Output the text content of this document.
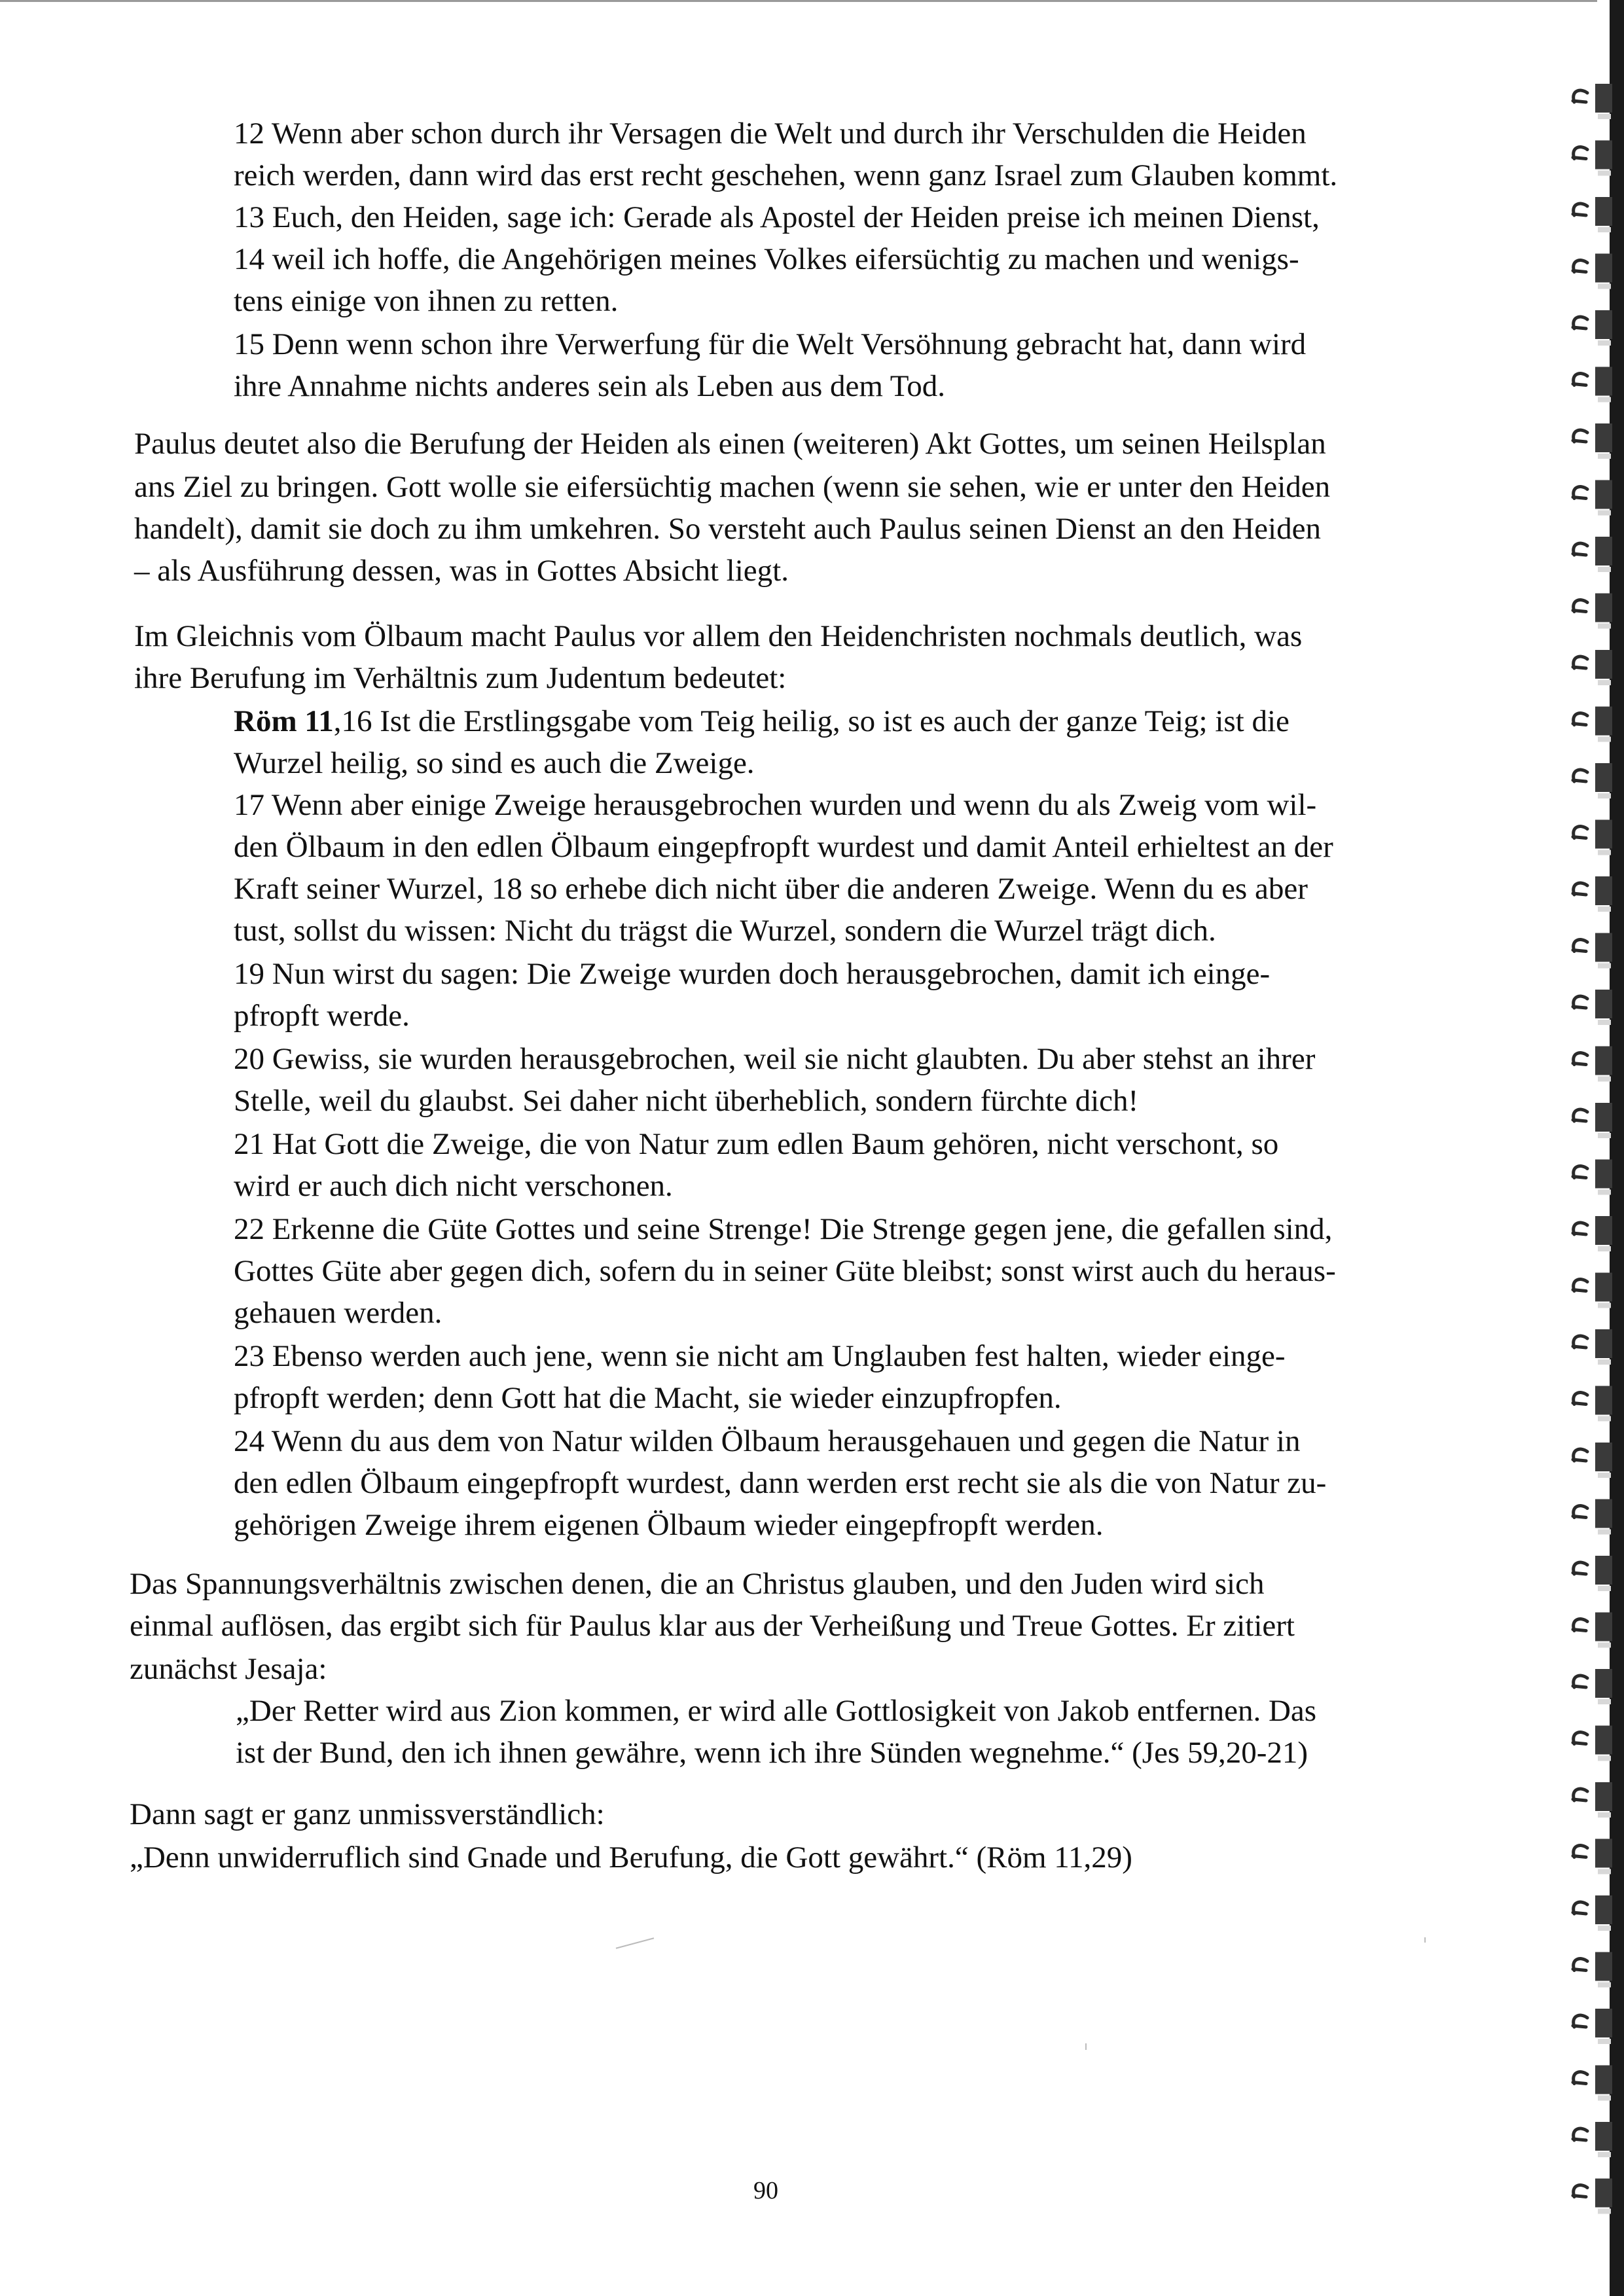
12 Wenn aber schon durch ihr Versagen die Welt und durch ihr Verschulden die Heiden

reich werden, dann wird das erst recht geschehen, wenn ganz Israel zum Glauben kommt.

13 Euch, den Heiden, sage ich: Gerade als Apostel der Heiden preise ich meinen Dienst,

14 weil ich hoffe, die Angehörigen meines Volkes eifersüchtig zu machen und wenigs-

tens einige von ihnen zu retten.

15 Denn wenn schon ihre Verwerfung für die Welt Versöhnung gebracht hat, dann wird

ihre Annahme nichts anderes sein als Leben aus dem Tod.

Paulus deutet also die Berufung der Heiden als einen (weiteren) Akt Gottes, um seinen Heilsplan

ans Ziel zu bringen. Gott wolle sie eifersüchtig machen (wenn sie sehen, wie er unter den Heiden

handelt), damit sie doch zu ihm umkehren. So versteht auch Paulus seinen Dienst an den Heiden

– als Ausführung dessen, was in Gottes Absicht liegt.

Im Gleichnis vom Ölbaum macht Paulus vor allem den Heidenchristen nochmals deutlich, was

ihre Berufung im Verhältnis zum Judentum bedeutet:

Röm 11,16 Ist die Erstlingsgabe vom Teig heilig, so ist es auch der ganze Teig; ist die

Wurzel heilig, so sind es auch die Zweige.

17 Wenn aber einige Zweige herausgebrochen wurden und wenn du als Zweig vom wil-

den Ölbaum in den edlen Ölbaum eingepfropft wurdest und damit Anteil erhieltest an der

Kraft seiner Wurzel, 18 so erhebe dich nicht über die anderen Zweige. Wenn du es aber

tust, sollst du wissen: Nicht du trägst die Wurzel, sondern die Wurzel trägt dich.

19 Nun wirst du sagen: Die Zweige wurden doch herausgebrochen, damit ich einge-

pfropft werde.

20 Gewiss, sie wurden herausgebrochen, weil sie nicht glaubten. Du aber stehst an ihrer

Stelle, weil du glaubst. Sei daher nicht überheblich, sondern fürchte dich!

21 Hat Gott die Zweige, die von Natur zum edlen Baum gehören, nicht verschont, so

wird er auch dich nicht verschonen.

22 Erkenne die Güte Gottes und seine Strenge! Die Strenge gegen jene, die gefallen sind,

Gottes Güte aber gegen dich, sofern du in seiner Güte bleibst; sonst wirst auch du heraus-

gehauen werden.

23 Ebenso werden auch jene, wenn sie nicht am Unglauben fest halten, wieder einge-

pfropft werden; denn Gott hat die Macht, sie wieder einzupfropfen.

24 Wenn du aus dem von Natur wilden Ölbaum herausgehauen und gegen die Natur in

den edlen Ölbaum eingepfropft wurdest, dann werden erst recht sie als die von Natur zu-

gehörigen Zweige ihrem eigenen Ölbaum wieder eingepfropft werden.

Das Spannungsverhältnis zwischen denen, die an Christus glauben, und den Juden wird sich

einmal auflösen, das ergibt sich für Paulus klar aus der Verheißung und Treue Gottes. Er zitiert

zunächst Jesaja:

„Der Retter wird aus Zion kommen, er wird alle Gottlosigkeit von Jakob entfernen. Das

ist der Bund, den ich ihnen gewähre, wenn ich ihre Sünden wegnehme.“ (Jes 59,20-21)

Dann sagt er ganz unmissverständlich:

„Denn unwiderruflich sind Gnade und Berufung, die Gott gewährt.“ (Röm 11,29)

90
